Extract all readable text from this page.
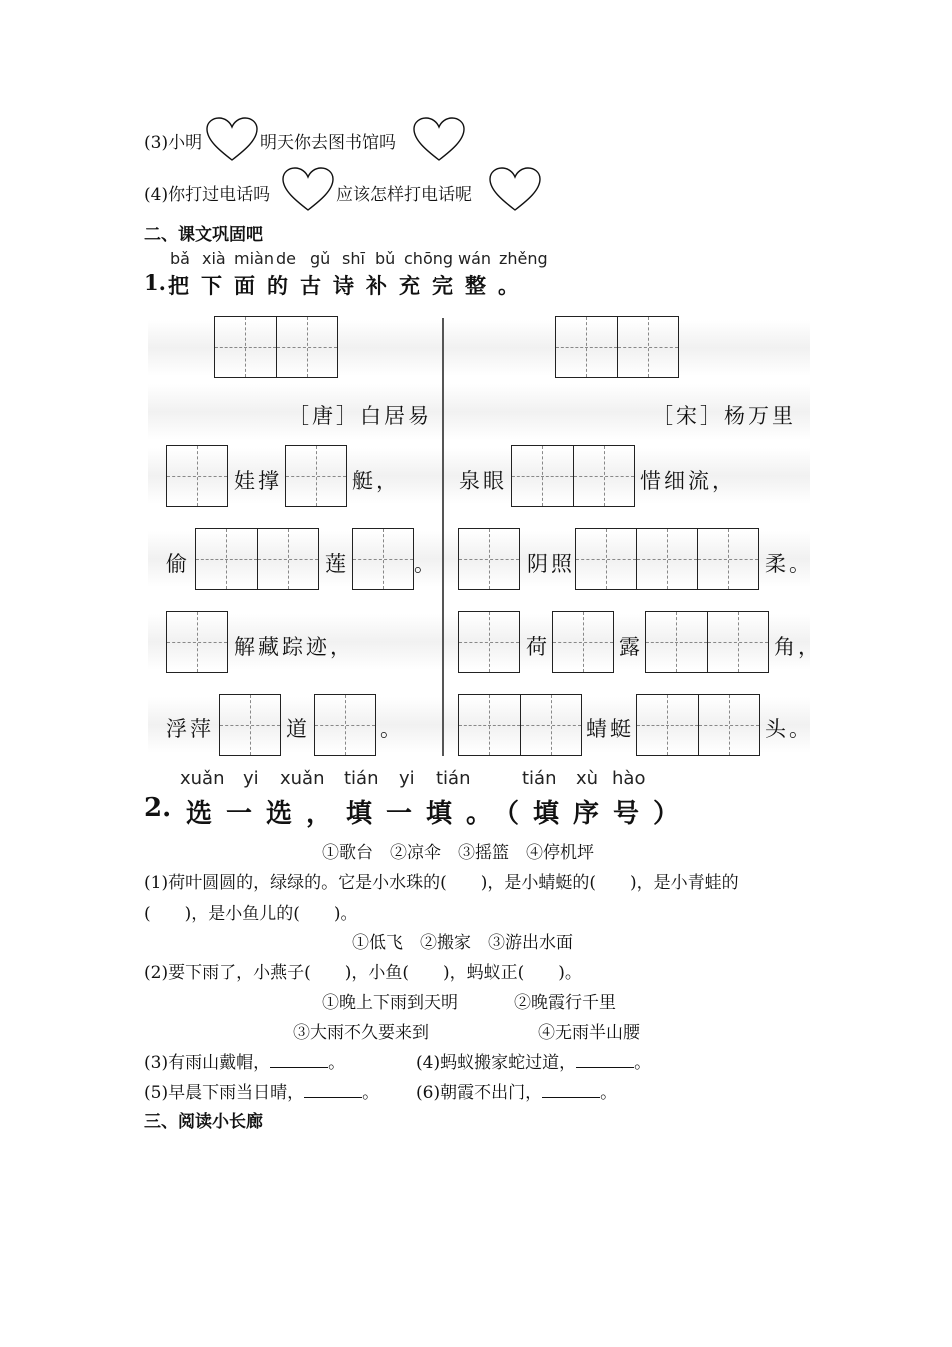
(3)小明	明天你去图书馆吗
(4)你打过电话吗	应该怎样打电话呢
二、课文巩固吧
bǎ xià miàn de gǔ shī bǔ chōng wán zhěng
1. 把下面的古诗补充完整。
［唐］白居易
娃撑	艇，
偷	莲	。
解藏踪迹，
浮萍	道	。
［宋］杨万里
泉眼	惜细流，
阴照	柔。
荷	露	角，
蜻蜓	头。
xuǎn yi xuǎn tián yi tián	tián xù hào
2. 选一选，填一填。（填序号）
①歌台　②凉伞　③摇篮　④停机坪
(1)荷叶圆圆的，绿绿的。它是小水珠的(　　)，是小蜻蜓的(　　)，是小青蛙的
(　　)，是小鱼儿的(　　)。
①低飞　②搬家　③游出水面
(2)要下雨了，小燕子(　　)，小鱼(　　)，蚂蚁正(　　)。
①晚上下雨到天明	②晚霞行千里
③大雨不久要来到	④无雨半山腰
(3)有雨山戴帽，	。	(4)蚂蚁搬家蛇过道，	。
(5)早晨下雨当日晴，	。 (6)朝霞不出门，	。
三、阅读小长廊
